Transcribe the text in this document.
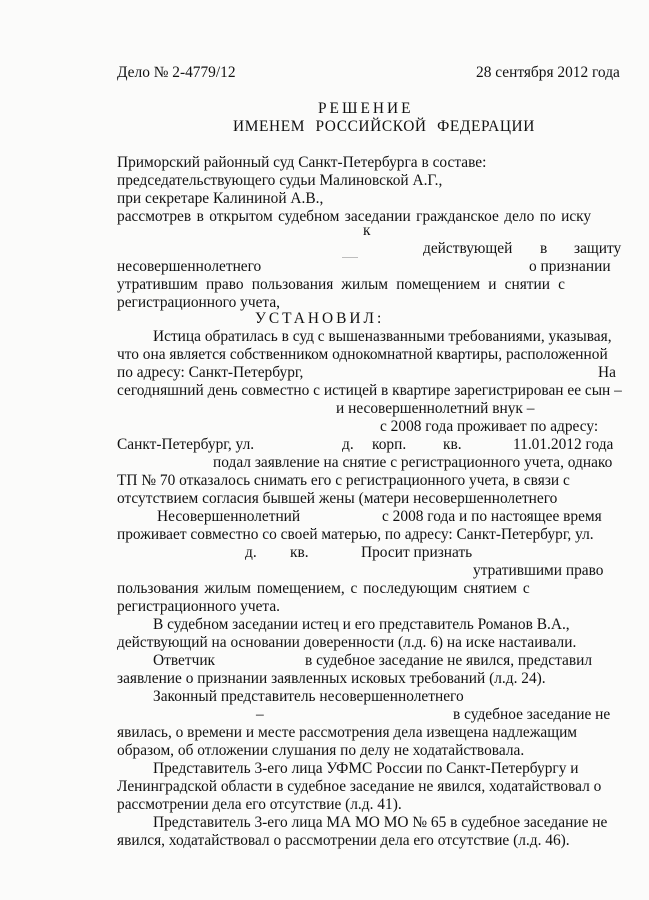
Дело № 2-4779/12	28 сентября 2012 года
РЕШЕНИЕ
ИМЕНЕМ РОССИЙСКОЙ ФЕДЕРАЦИИ
Приморский районный суд Санкт-Петербурга в составе:
председательствующего судьи Малиновской А.Г.,
при секретаре Калининой А.В.,
рассмотрев в открытом судебном заседании гражданское дело по иску
к
действующей в защиту
несовершеннолетнего	о признании
утратившим право пользования жилым помещением и снятии с
регистрационного учета,
УСТАНОВИЛ:
Истица обратилась в суд с вышеназванными требованиями, указывая,
что она является собственником однокомнатной квартиры, расположенной
по адресу: Санкт-Петербург,	На
сегодняшний день совместно с истицей в квартире зарегистрирован ее сын –
и несовершеннолетний внук –
с 2008 года проживает по адресу:
Санкт-Петербург, ул.	д. корп. кв.	11.01.2012 года
подал заявление на снятие с регистрационного учета, однако
ТП № 70 отказалось снимать его с регистрационного учета, в связи с
отсутствием согласия бывшей жены (матери несовершеннолетнего
Несовершеннолетний	с 2008 года и по настоящее время
проживает совместно со своей матерью, по адресу: Санкт-Петербург, ул.
д. кв.	Просит признать
утратившими право
пользования жилым помещением, с последующим снятием с
регистрационного учета.
В судебном заседании истец и его представитель Романов В.А.,
действующий на основании доверенности (л.д. 6) на иске настаивали.
Ответчик	в судебное заседание не явился, представил
заявление о признании заявленных исковых требований (л.д. 24).
Законный представитель несовершеннолетнего
–	в судебное заседание не
явилась, о времени и месте рассмотрения дела извещена надлежащим
образом, об отложении слушания по делу не ходатайствовала.
Представитель 3-его лица УФМС России по Санкт-Петербургу и
Ленинградской области в судебное заседание не явился, ходатайствовал о
рассмотрении дела его отсутствие (л.д. 41).
Представитель 3-его лица МА МО МО № 65 в судебное заседание не
явился, ходатайствовал о рассмотрении дела его отсутствие (л.д. 46).
